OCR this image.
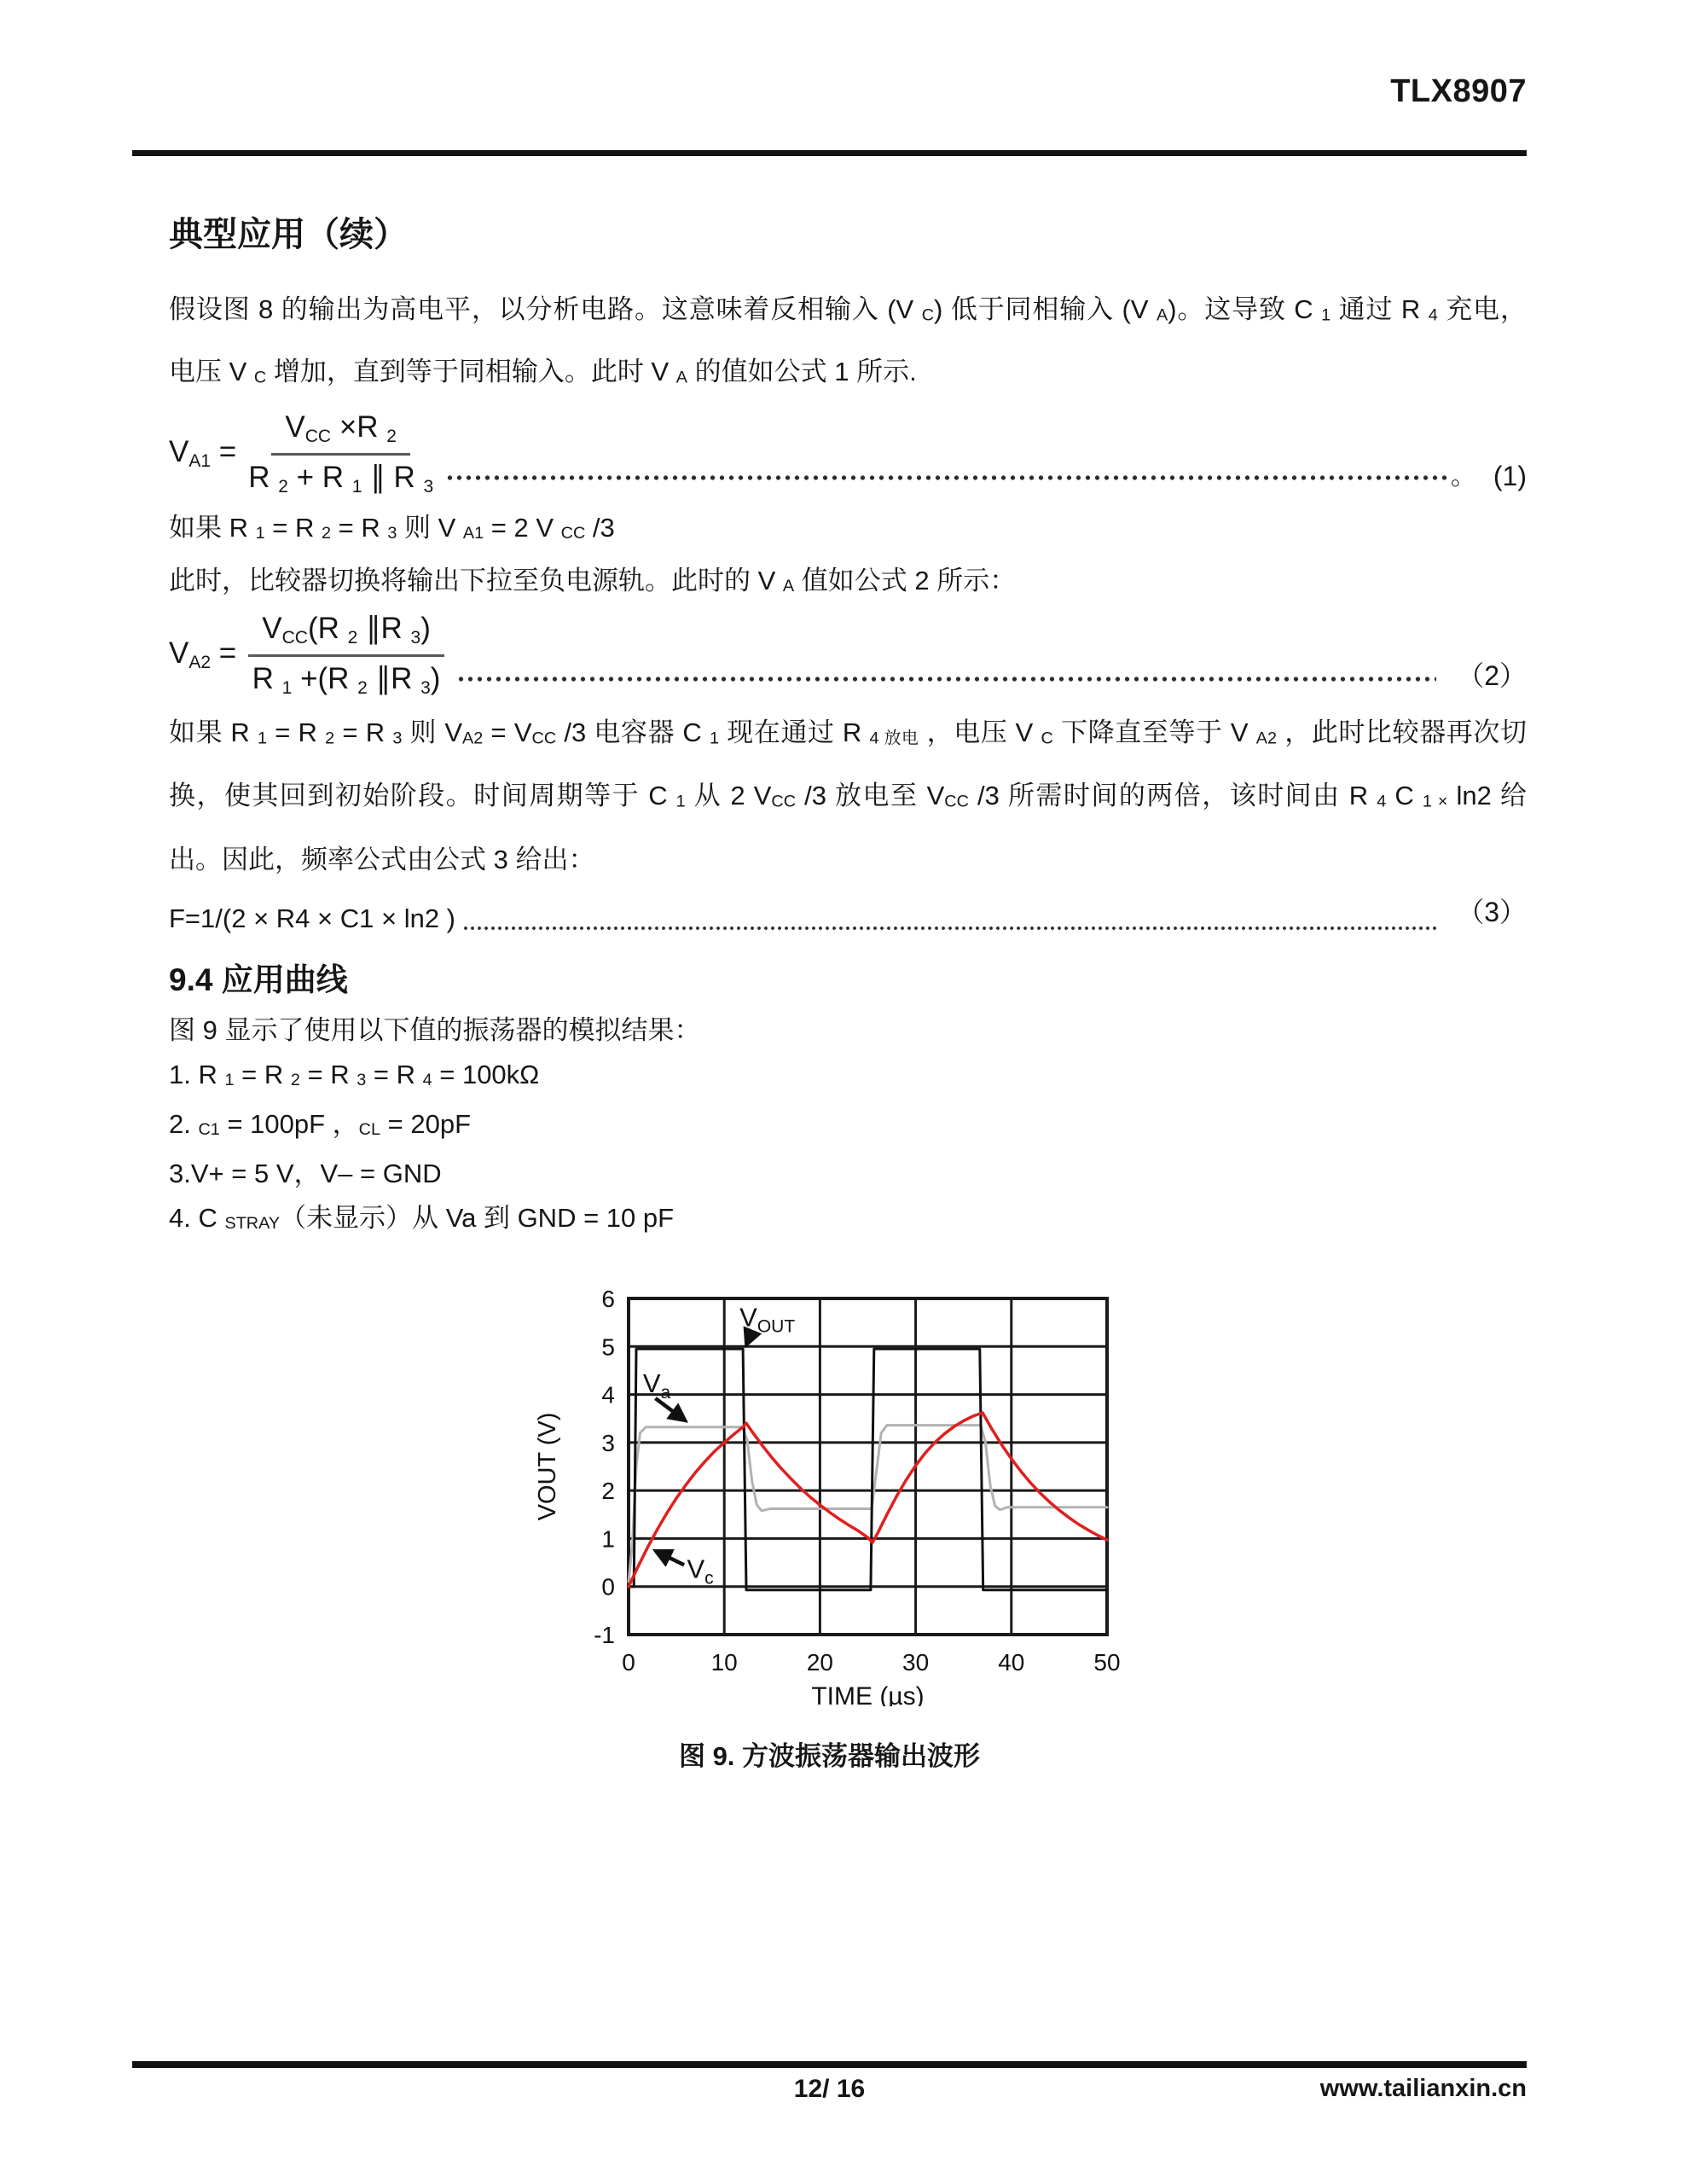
TLX8907
典型应用（续）

假设图 8 的输出为高电平，以分析电路。这意味着反相输入 (V C) 低于同相输入 (V A)。这导致 C 1 通过 R 4 充电，

电压 V C 增加，直到等于同相输入。此时 V A 的值如公式 1 所示.

$VA1 = \frac{\text{VCC ×R 2}}{R 2 + R 1 \parallel R 3}$	。 (1)

如果 R 1 = R 2 = R 3 则 V A1 = 2 V CC /3

此时，比较器切换将输出下拉至负电源轨。此时的 V A 值如公式 2 所示：

$VA2 = \frac{\text{VCC(R 2 ∥R 3)}}{R 1 +(R 2 \parallel R 3)}$	（2）

如果 R 1 = R 2 = R 3 则 VA2 = VCC /3 电容器 C 1 现在通过 R 4 放电 ，电压 V C 下降直至等于 V A2 ，此时比较器再次切

换，使其回到初始阶段。时间周期等于 C 1 从 2 VCC /3 放电至 VCC /3 所需时间的两倍，该时间由 R 4 C 1 × ln2 给

出。因此，频率公式由公式 3 给出：

F=1/(2 × R4 × C1 × ln2 )	（3）
9.4 应用曲线

图 9 显示了使用以下值的振荡器的模拟结果：

1. R 1 = R 2 = R 3 = R 4 = 100kΩ

2. C1 = 100pF ，CL = 20pF

3.V+ = 5 V，V– = GND

4. C STRAY（未显示）从 Va 到 GND = 10 pF

-1
0
1
2
3
4
5
6
0	10	20	30	40	50
VOUT (V)
TIME (µs)
$V_{OUT}$
$V_a$
$V_c$
图 9. 方波振荡器输出波形
12/ 16	www.tailianxin.cn
